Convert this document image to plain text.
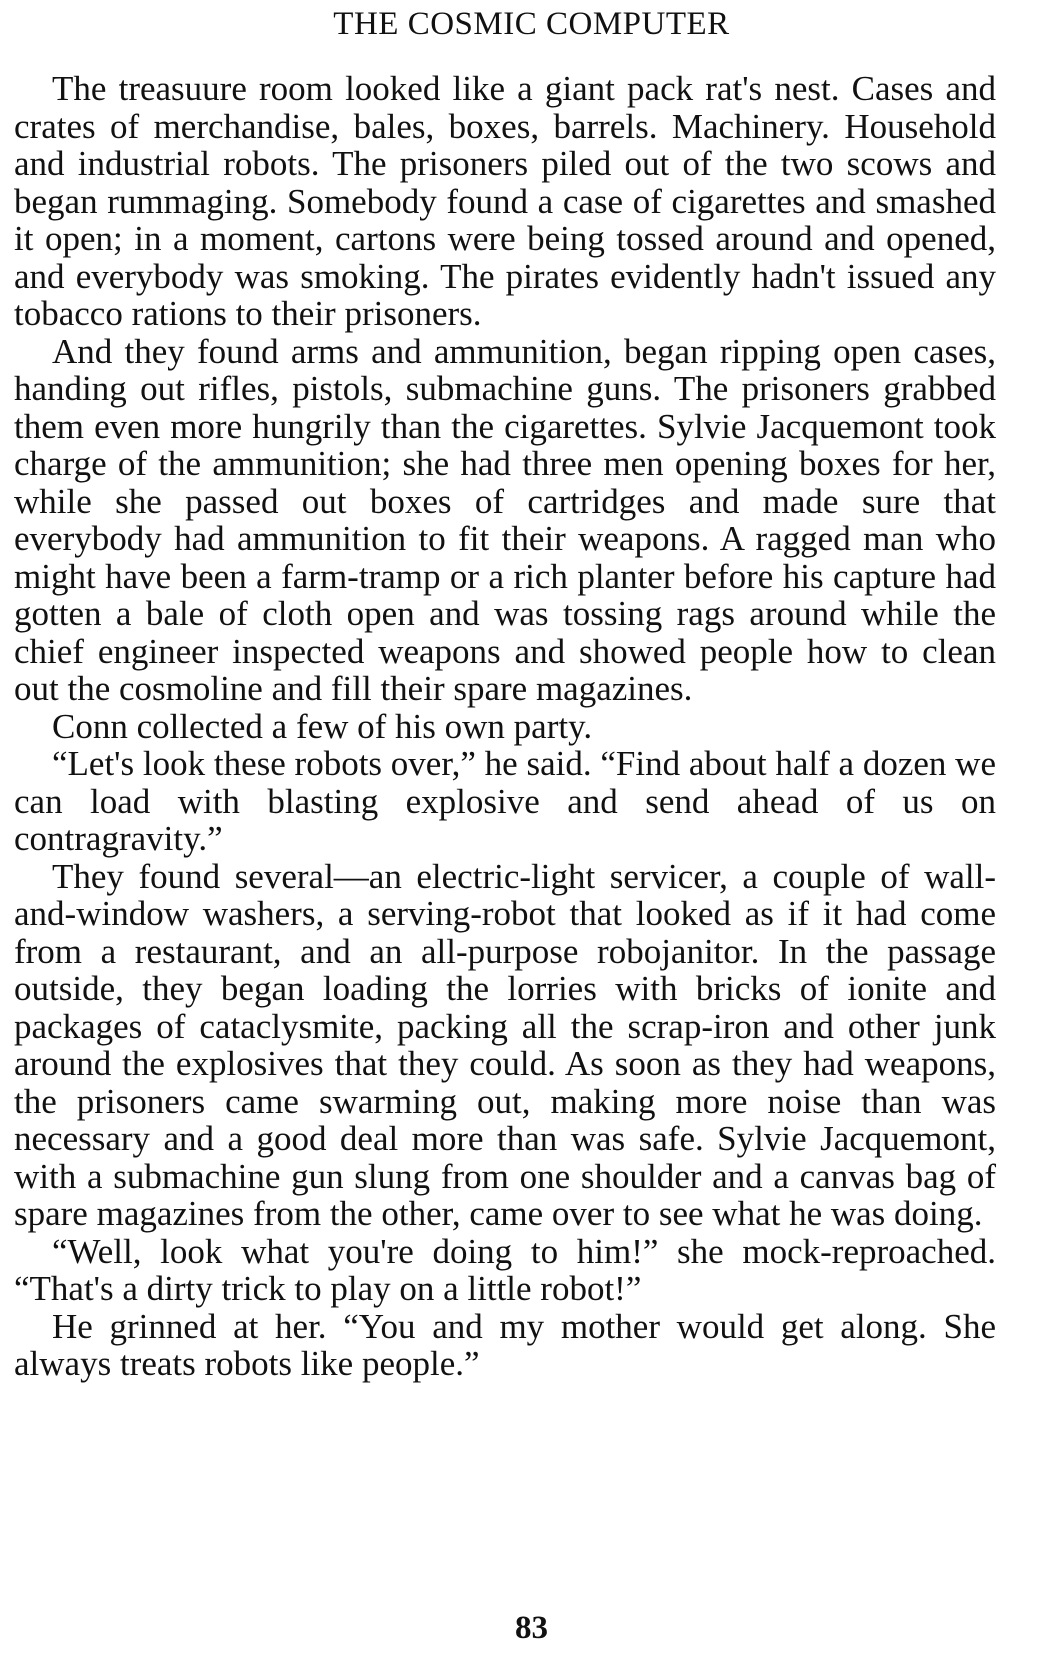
THE COSMIC COMPUTER

The treasuure room looked like a giant pack rat's nest. Cases and crates of merchandise, bales, boxes, barrels. Machinery. Household and industrial robots. The prisoners piled out of the two scows and began rummaging. Somebody found a case of cigarettes and smashed it open; in a moment, cartons were being tossed around and opened, and everybody was smoking. The pirates evidently hadn't issued any tobacco rations to their prisoners.

And they found arms and ammunition, began ripping open cases, handing out rifles, pistols, submachine guns. The prisoners grabbed them even more hungrily than the cigarettes. Sylvie Jacquemont took charge of the ammunition; she had three men opening boxes for her, while she passed out boxes of cartridges and made sure that everybody had ammunition to fit their weapons. A ragged man who might have been a farm-tramp or a rich planter before his capture had gotten a bale of cloth open and was tossing rags around while the chief engineer inspected weapons and showed people how to clean out the cosmoline and fill their spare magazines.

Conn collected a few of his own party.

“Let's look these robots over,” he said. “Find about half a dozen we can load with blasting explosive and send ahead of us on contragravity.”

They found several—an electric-light servicer, a couple of wall-and-window washers, a serving-robot that looked as if it had come from a restaurant, and an all-purpose robojanitor. In the passage outside, they began loading the lorries with bricks of ionite and packages of cataclysmite, packing all the scrap-iron and other junk around the explosives that they could. As soon as they had weapons, the prisoners came swarming out, making more noise than was necessary and a good deal more than was safe. Sylvie Jacquemont, with a submachine gun slung from one shoulder and a canvas bag of spare magazines from the other, came over to see what he was doing.

“Well, look what you're doing to him!” she mock-reproached. “That's a dirty trick to play on a little robot!”

He grinned at her. “You and my mother would get along. She always treats robots like people.”

83
